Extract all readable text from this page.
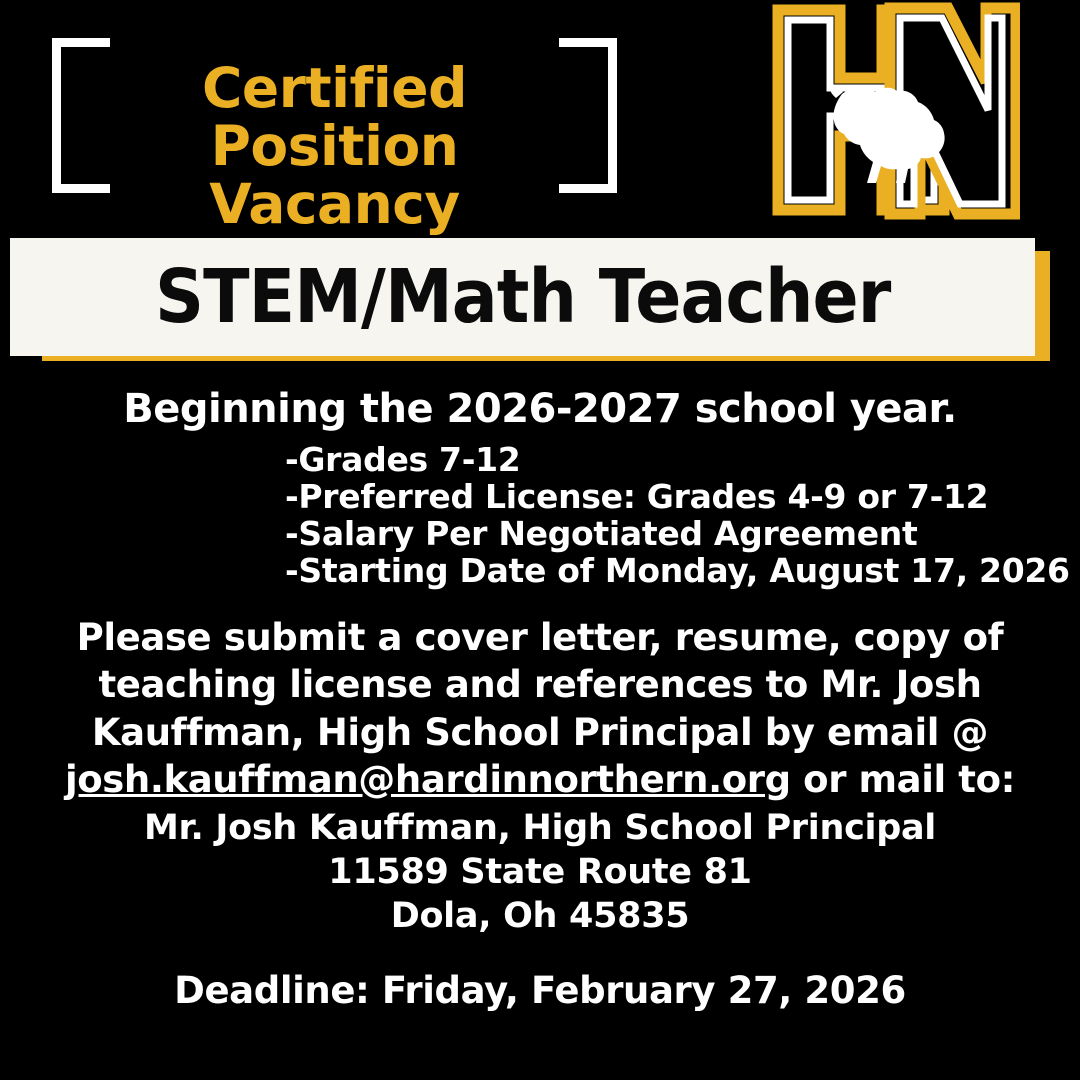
Certified Position
Vacancy
STEM/Math Teacher
Beginning the 2026-2027 school year.
-Grades 7-12
-Preferred License: Grades 4-9 or 7-12
-Salary Per Negotiated Agreement
-Starting Date of Monday, August 17, 2026
Please submit a cover letter, resume, copy of
teaching license and references to Mr. Josh
Kauffman, High School Principal by email @
josh.kauffman@hardinnorthern.org or mail to:
Mr. Josh Kauffman, High School Principal
11589 State Route 81
Dola, Oh 45835
Deadline: Friday, February 27, 2026
